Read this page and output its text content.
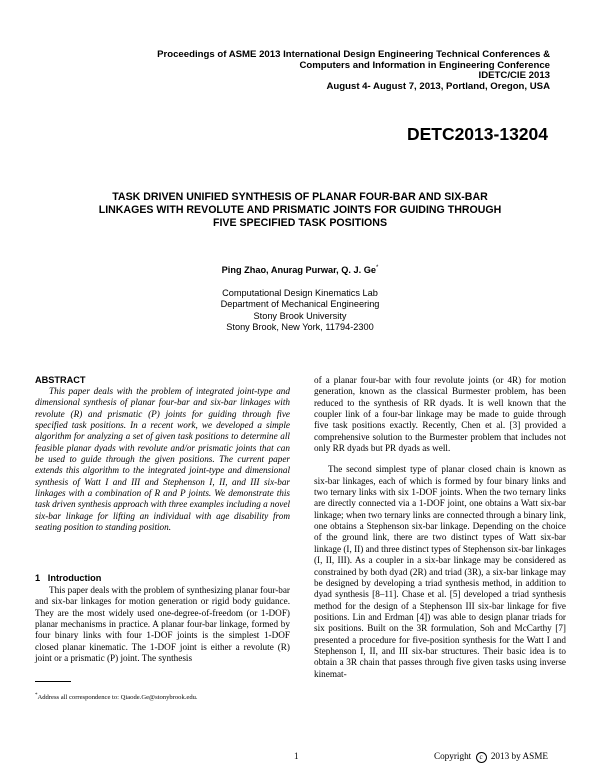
Proceedings of ASME 2013 International Design Engineering Technical Conferences &
Computers and Information in Engineering Conference
IDETC/CIE 2013
August 4- August 7, 2013, Portland, Oregon, USA
DETC2013-13204
TASK DRIVEN UNIFIED SYNTHESIS OF PLANAR FOUR-BAR AND SIX-BAR
LINKAGES WITH REVOLUTE AND PRISMATIC JOINTS FOR GUIDING THROUGH
FIVE SPECIFIED TASK POSITIONS
Ping Zhao, Anurag Purwar, Q. J. Ge*
Computational Design Kinematics Lab
Department of Mechanical Engineering
Stony Brook University
Stony Brook, New York, 11794-2300
ABSTRACT

This paper deals with the problem of integrated joint-type and dimensional synthesis of planar four-bar and six-bar linkages with revolute (R) and prismatic (P) joints for guiding through five specified task positions. In a recent work, we developed a simple algorithm for analyzing a set of given task positions to determine all feasible planar dyads with revolute and/or prismatic joints that can be used to guide through the given positions. The current paper extends this algorithm to the integrated joint-type and dimensional synthesis of Watt I and III and Stephenson I, II, and III six-bar linkages with a combination of R and P joints. We demonstrate this task driven synthesis approach with three examples including a novel six-bar linkage for lifting an individual with age disability from seating position to standing position.

1 Introduction

This paper deals with the problem of synthesizing planar four-bar and six-bar linkages for motion generation or rigid body guidance. They are the most widely used one-degree-of-freedom (or 1-DOF) planar mechanisms in practice. A planar four-bar linkage, formed by four binary links with four 1-DOF joints is the simplest 1-DOF closed planar kinematic. The 1-DOF joint is either a revolute (R) joint or a prismatic (P) joint. The synthesis

of a planar four-bar with four revolute joints (or 4R) for motion generation, known as the classical Burmester problem, has been reduced to the synthesis of RR dyads. It is well known that the coupler link of a four-bar linkage may be made to guide through five task positions exactly. Recently, Chen et al. [3] provided a comprehensive solution to the Burmester problem that includes not only RR dyads but PR dyads as well.

The second simplest type of planar closed chain is known as six-bar linkages, each of which is formed by four binary links and two ternary links with six 1-DOF joints. When the two ternary links are directly connected via a 1-DOF joint, one obtains a Watt six-bar linkage; when two ternary links are connected through a binary link, one obtains a Stephenson six-bar linkage. Depending on the choice of the ground link, there are two distinct types of Watt six-bar linkage (I, II) and three distinct types of Stephenson six-bar linkages (I, II, III). As a coupler in a six-bar linkage may be considered as constrained by both dyad (2R) and triad (3R), a six-bar linkage may be designed by developing a triad synthesis method, in addition to dyad synthesis [8–11]. Chase et al. [5] developed a triad synthesis method for the design of a Stephenson III six-bar linkage for five positions. Lin and Erdman [4]) was able to design planar triads for six positions. Built on the 3R formulation, Soh and McCarthy [7] presented a procedure for five-position synthesis for the Watt I and Stephenson I, II, and III six-bar structures. Their basic idea is to obtain a 3R chain that passes through five given tasks using inverse kinemat-

*Address all correspondence to: Qiaode.Ge@stonybrook.edu.
1	Copyright c 2013 by ASME
